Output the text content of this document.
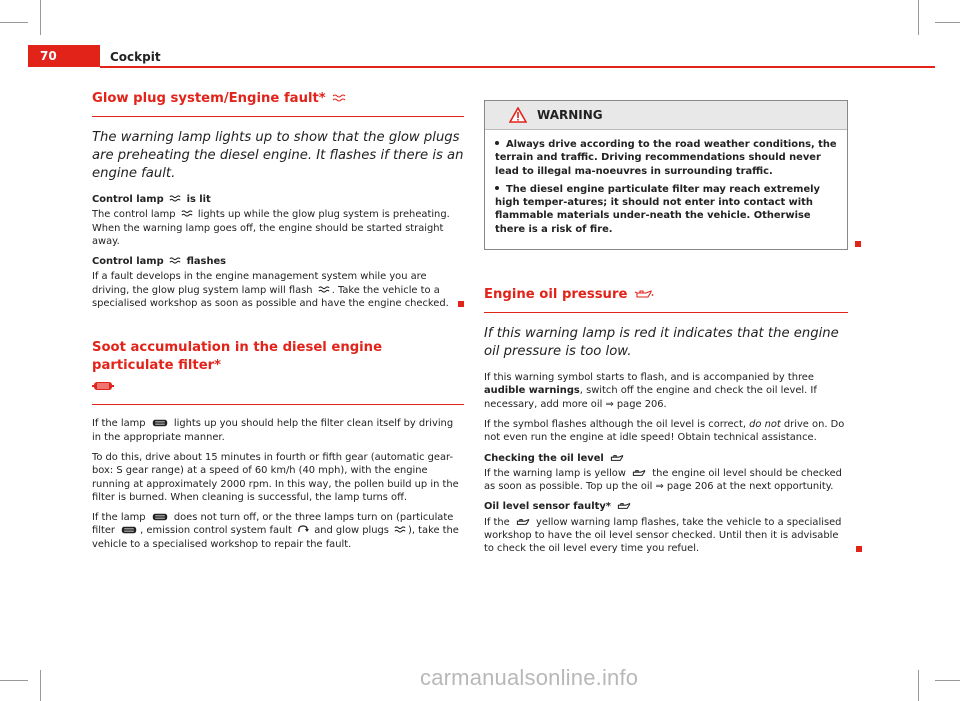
70	Cockpit
Glow plug system/Engine fault*
The warning lamp lights up to show that the glow plugs are preheating the diesel engine. It flashes if there is an engine fault.

Control lamp is lit

The control lamp lights up while the glow plug system is preheating. When the warning lamp goes off, the engine should be started straight away.

Control lamp flashes

If a fault develops in the engine management system while you are driving, the glow plug system lamp will flash . Take the vehicle to a specialised workshop as soon as possible and have the engine checked.

Soot accumulation in the diesel engine particulate filter*

If the lamp	lights up you should help the filter clean itself by driving in the appropriate manner.

To do this, drive about 15 minutes in fourth or fifth gear (automatic gear-box: S gear range) at a speed of 60 km/h (40 mph), with the engine running at approximately 2000 rpm. In this way, the pollen build up in the filter is burned. When cleaning is successful, the lamp turns off.

If the lamp	does not turn off, or the three lamps turn on (particulate filter	, emission control system fault and glow plugs ), take the vehicle to a specialised workshop to repair the fault.

WARNING

Always drive according to the road weather conditions, the terrain and traffic. Driving recommendations should never lead to illegal ma-noeuvres in surrounding traffic.

The diesel engine particulate filter may reach extremely high temper-atures; it should not enter into contact with flammable materials under-neath the vehicle. Otherwise there is a risk of fire.

Engine oil pressure
If this warning lamp is red it indicates that the engine oil pressure is too low.

If this warning symbol starts to flash, and is accompanied by three audible warnings, switch off the engine and check the oil level. If necessary, add more oil ⇒ page 206.

If the symbol flashes although the oil level is correct, do not drive on. Do not even run the engine at idle speed! Obtain technical assistance.

Checking the oil level

If the warning lamp is yellow	the engine oil level should be checked as soon as possible. Top up the oil ⇒ page 206 at the next opportunity.

Oil level sensor faulty*

If the	yellow warning lamp flashes, take the vehicle to a specialised workshop to have the oil level sensor checked. Until then it is advisable to check the oil level every time you refuel.

carmanualsonline.info
